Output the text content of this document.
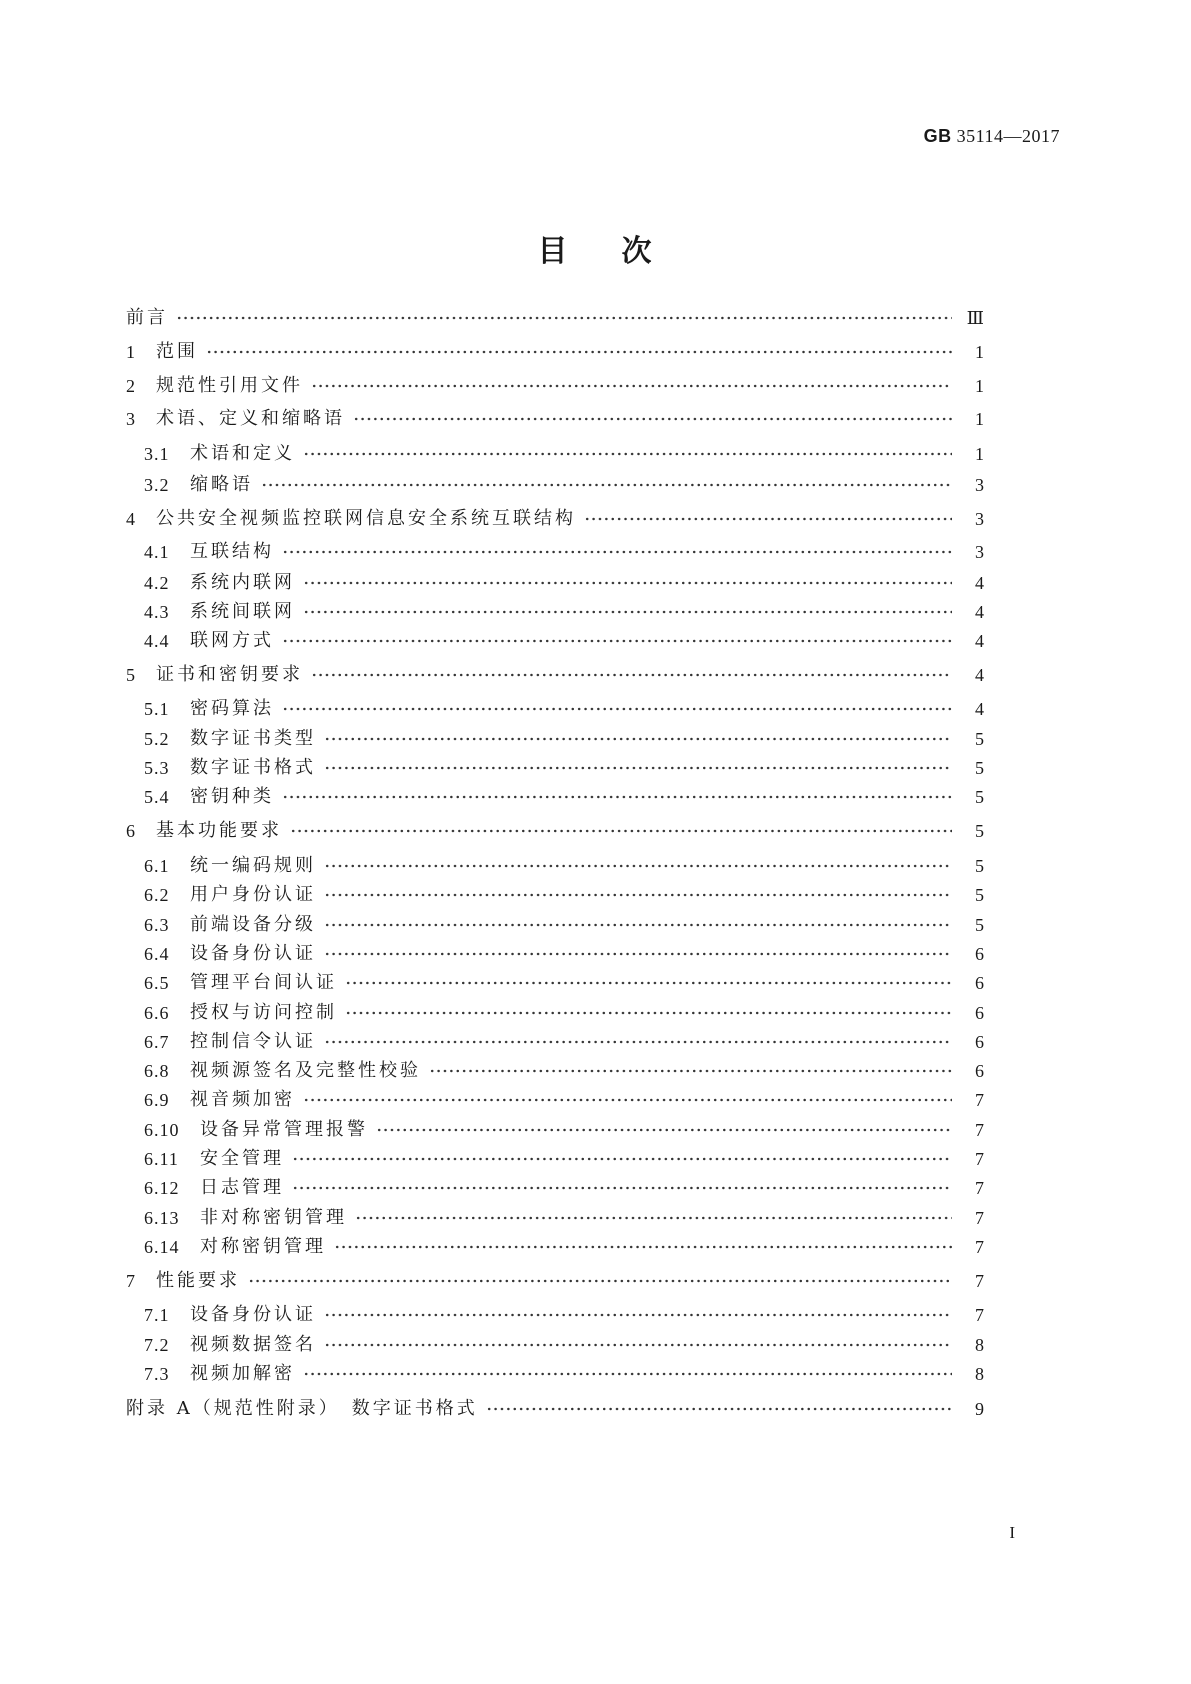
GB 35114—2017
目 次
前言	Ⅲ
1	范围	1
2	规范性引用文件	1
3	术语、定义和缩略语	1
3.1	术语和定义	1
3.2	缩略语	3
4	公共安全视频监控联网信息安全系统互联结构	3
4.1	互联结构	3
4.2	系统内联网	4
4.3	系统间联网	4
4.4	联网方式	4
5	证书和密钥要求	4
5.1	密码算法	4
5.2	数字证书类型	5
5.3	数字证书格式	5
5.4	密钥种类	5
6	基本功能要求	5
6.1	统一编码规则	5
6.2	用户身份认证	5
6.3	前端设备分级	5
6.4	设备身份认证	6
6.5	管理平台间认证	6
6.6	授权与访问控制	6
6.7	控制信令认证	6
6.8	视频源签名及完整性校验	6
6.9	视音频加密	7
6.10	设备异常管理报警	7
6.11	安全管理	7
6.12	日志管理	7
6.13	非对称密钥管理	7
6.14	对称密钥管理	7
7	性能要求	7
7.1	设备身份认证	7
7.2	视频数据签名	8
7.3	视频加解密	8
附录 A（规范性附录）　数字证书格式	9
I
